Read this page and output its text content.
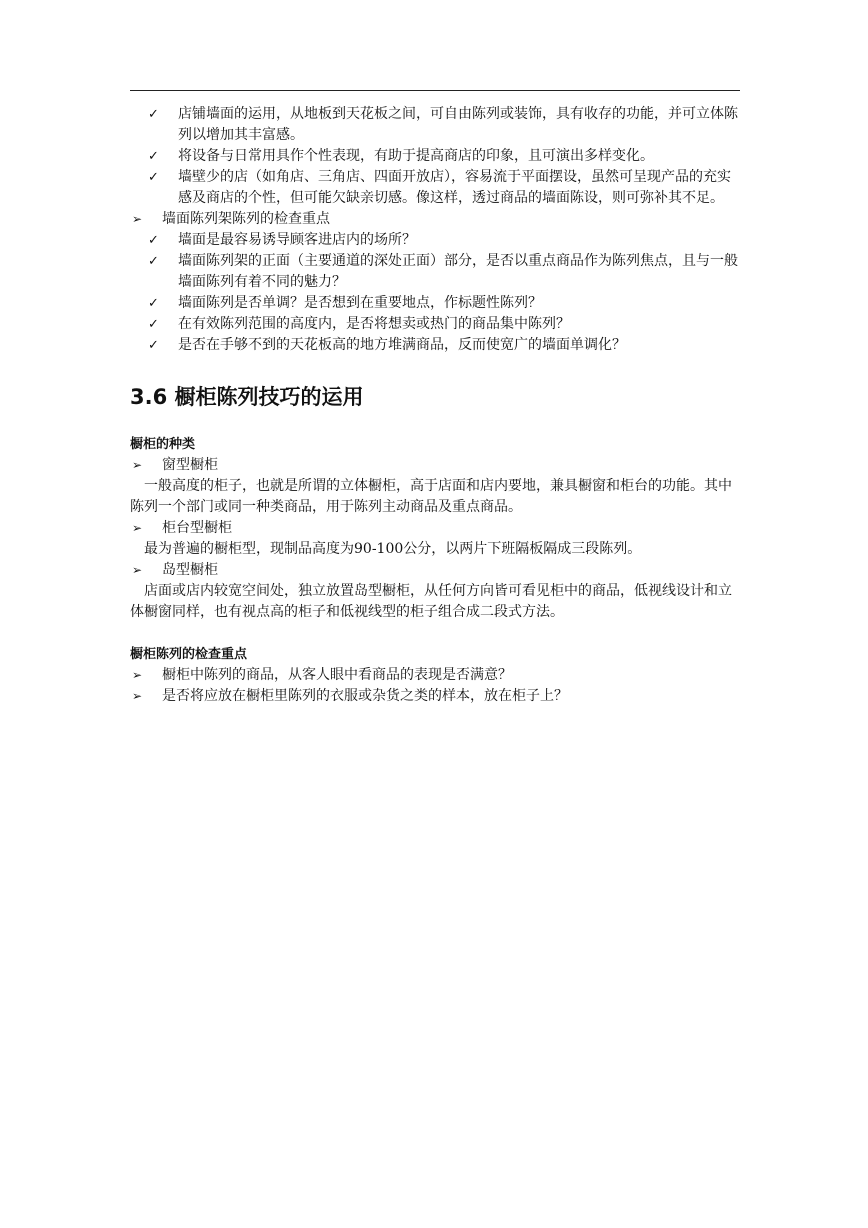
✓	店铺墙面的运用，从地板到天花板之间，可自由陈列或装饰，具有收存的功能，并可立体陈列以增加其丰富感。
✓	将设备与日常用具作个性表现，有助于提高商店的印象，且可演出多样变化。
✓	墙壁少的店（如角店、三角店、四面开放店），容易流于平面摆设，虽然可呈现产品的充实感及商店的个性，但可能欠缺亲切感。像这样，透过商品的墙面陈设，则可弥补其不足。
➢	墙面陈列架陈列的检查重点
✓	墙面是最容易诱导顾客进店内的场所？
✓	墙面陈列架的正面（主要通道的深处正面）部分，是否以重点商品作为陈列焦点，且与一般墙面陈列有着不同的魅力？
✓	墙面陈列是否单调？是否想到在重要地点，作标题性陈列？
✓	在有效陈列范围的高度内，是否将想卖或热门的商品集中陈列？
✓	是否在手够不到的天花板高的地方堆满商品，反而使宽广的墙面单调化？
3.6 橱柜陈列技巧的运用
橱柜的种类
➢	窗型橱柜
一般高度的柜子，也就是所谓的立体橱柜，高于店面和店内要地，兼具橱窗和柜台的功能。其中陈列一个部门或同一种类商品，用于陈列主动商品及重点商品。
➢	柜台型橱柜
最为普遍的橱柜型，现制品高度为90-100公分，以两片下班隔板隔成三段陈列。
➢	岛型橱柜
店面或店内较宽空间处，独立放置岛型橱柜，从任何方向皆可看见柜中的商品，低视线设计和立体橱窗同样，也有视点高的柜子和低视线型的柜子组合成二段式方法。
橱柜陈列的检查重点
➢	橱柜中陈列的商品，从客人眼中看商品的表现是否满意？
➢	是否将应放在橱柜里陈列的衣服或杂货之类的样本，放在柜子上？
